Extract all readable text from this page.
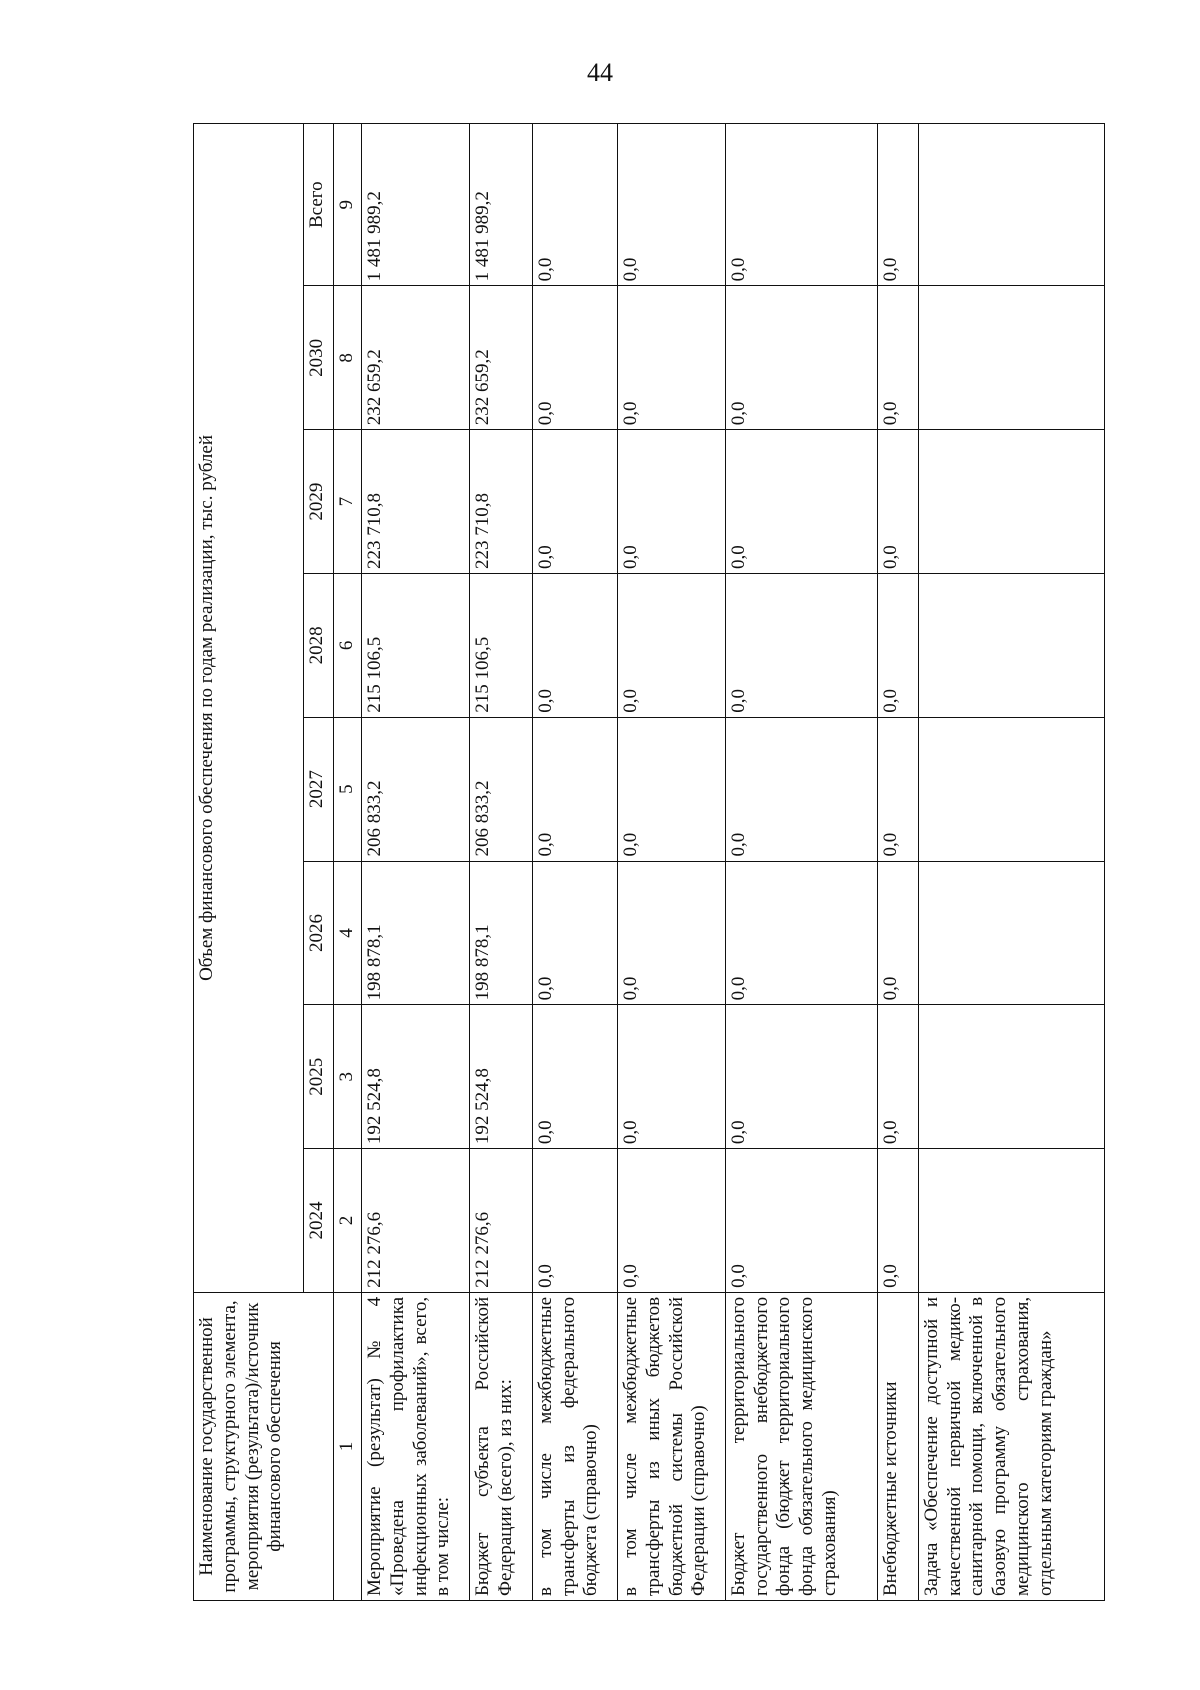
44
Наименование государственной программы, структурного элемента, мероприятия (результата)/источник финансового обеспечения	Объем финансового обеспечения по годам реализации, тыс. рублей							
	2024	2025	2026	2027	2028	2029	2030	Всего
1	2	3	4	5	6	7	8	9
Мероприятие (результат) № 4 «Проведена профилактика инфекционных заболеваний», всего, в том числе:	212 276,6	192 524,8	198 878,1	206 833,2	215 106,5	223 710,8	232 659,2	1 481 989,2
Бюджет субъекта Российской Федерации (всего), из них:	212 276,6	192 524,8	198 878,1	206 833,2	215 106,5	223 710,8	232 659,2	1 481 989,2
в том числе межбюджетные трансферты из федерального бюджета (справочно)	0,0	0,0	0,0	0,0	0,0	0,0	0,0	0,0
в том числе межбюджетные трансферты из иных бюджетов бюджетной системы Российской Федерации (справочно)	0,0	0,0	0,0	0,0	0,0	0,0	0,0	0,0
Бюджет территориального государственного внебюджетного фонда (бюджет территориального фонда обязательного медицинского страхования)	0,0	0,0	0,0	0,0	0,0	0,0	0,0	0,0
Внебюджетные источники	0,0	0,0	0,0	0,0	0,0	0,0	0,0	0,0
Задача «Обеспечение доступной и качественной первичной медико-санитарной помощи, включенной в базовую программу обязательного медицинского страхования, отдельным категориям граждан»								
